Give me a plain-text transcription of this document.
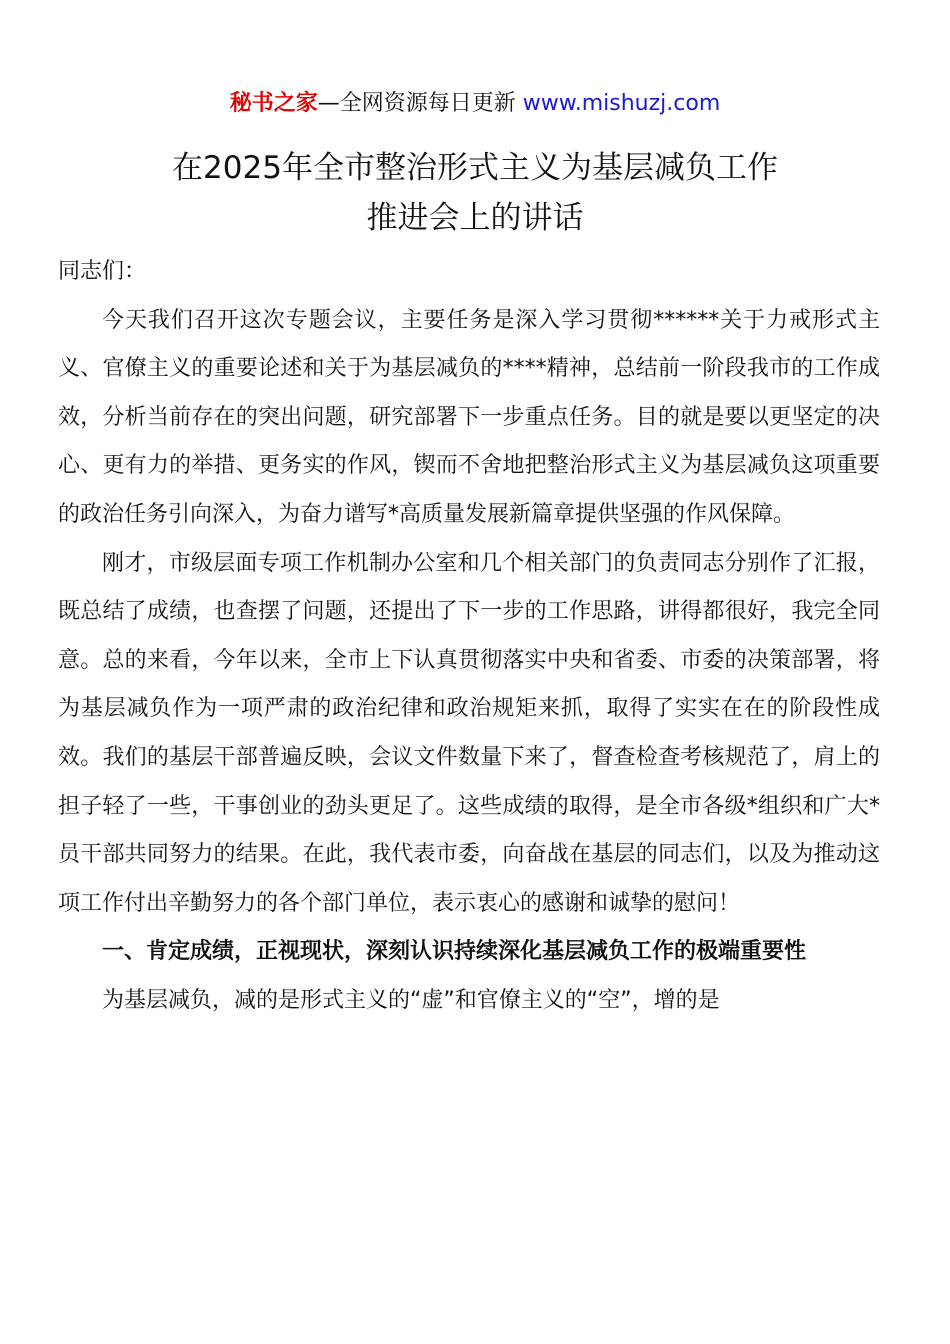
秘书之家—全网资源每日更新 www.mishuzj.com
在2025年全市整治形式主义为基层减负工作
推进会上的讲话

同志们：

今天我们召开这次专题会议，主要任务是深入学习贯彻******关于力戒形式主义、官僚主义的重要论述和关于为基层减负的****精神，总结前一阶段我市的工作成效，分析当前存在的突出问题，研究部署下一步重点任务。目的就是要以更坚定的决心、更有力的举措、更务实的作风，锲而不舍地把整治形式主义为基层减负这项重要的政治任务引向深入，为奋力谱写*高质量发展新篇章提供坚强的作风保障。

刚才，市级层面专项工作机制办公室和几个相关部门的负责同志分别作了汇报，既总结了成绩，也查摆了问题，还提出了下一步的工作思路，讲得都很好，我完全同意。总的来看，今年以来，全市上下认真贯彻落实中央和省委、市委的决策部署，将为基层减负作为一项严肃的政治纪律和政治规矩来抓，取得了实实在在的阶段性成效。我们的基层干部普遍反映，会议文件数量下来了，督查检查考核规范了，肩上的担子轻了一些，干事创业的劲头更足了。这些成绩的取得，是全市各级*组织和广大*员干部共同努力的结果。在此，我代表市委，向奋战在基层的同志们，以及为推动这项工作付出辛勤努力的各个部门单位，表示衷心的感谢和诚挚的慰问！

一、肯定成绩，正视现状，深刻认识持续深化基层减负工作的极端重要性

为基层减负，减的是形式主义的“虚”和官僚主义的“空”，增的是
